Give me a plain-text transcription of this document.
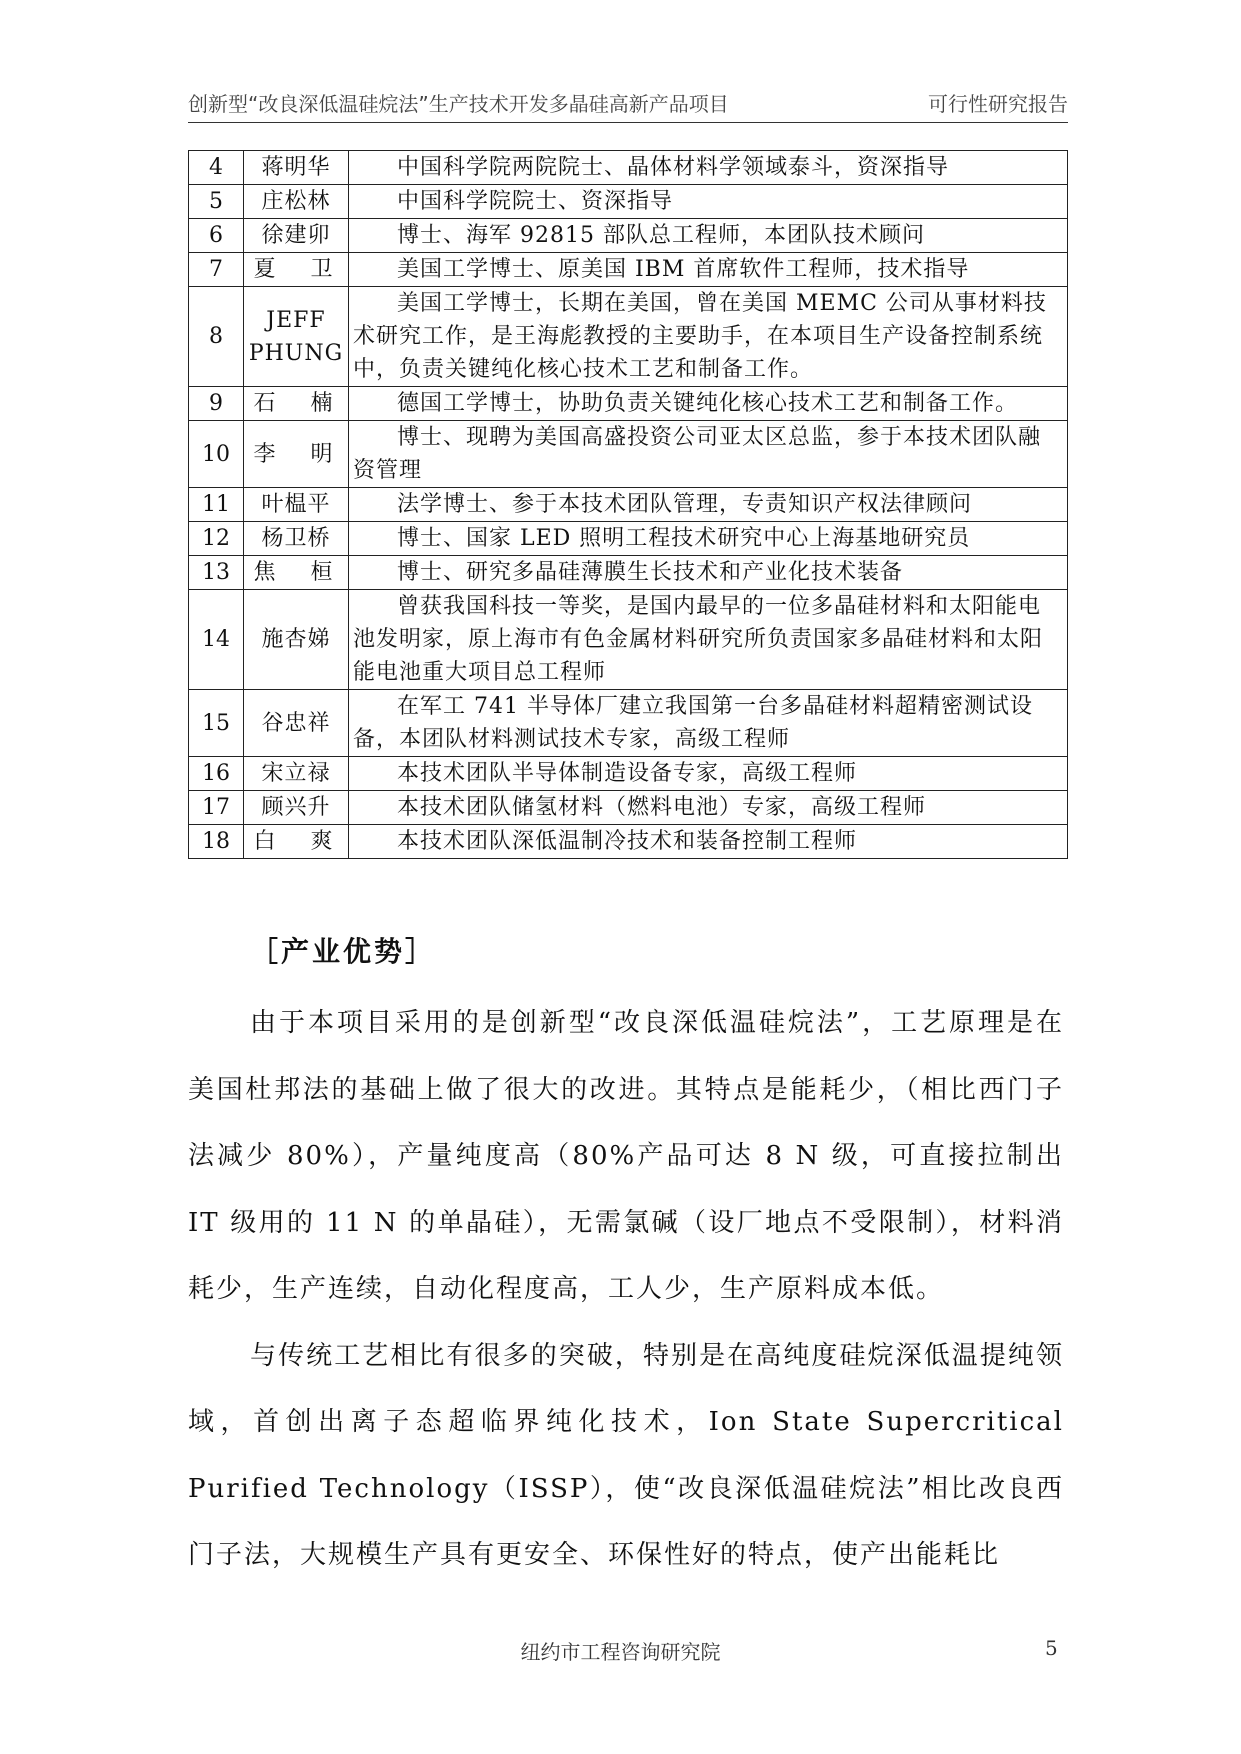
创新型“改良深低温硅烷法”生产技术开发多晶硅高新产品项目	可行性研究报告
4	蒋明华	中国科学院两院院士、晶体材料学领域泰斗，资深指导
5	庄松林	中国科学院院士、资深指导
6	徐建卯	博士、海军 92815 部队总工程师，本团队技术顾问
7	夏 卫	美国工学博士、原美国 IBM 首席软件工程师，技术指导
8	JEFF PHUNG	美国工学博士，长期在美国，曾在美国 MEMC 公司从事材料技术研究工作，是王海彪教授的主要助手，在本项目生产设备控制系统中，负责关键纯化核心技术工艺和制备工作。
9	石 楠	德国工学博士，协助负责关键纯化核心技术工艺和制备工作。
10	李 明	博士、现聘为美国高盛投资公司亚太区总监，参于本技术团队融资管理
11	叶榅平	法学博士、参于本技术团队管理，专责知识产权法律顾问
12	杨卫桥	博士、国家 LED 照明工程技术研究中心上海基地研究员
13	焦 桓	博士、研究多晶硅薄膜生长技术和产业化技术装备
14	施杏娣	曾获我国科技一等奖，是国内最早的一位多晶硅材料和太阳能电池发明家，原上海市有色金属材料研究所负责国家多晶硅材料和太阳能电池重大项目总工程师
15	谷忠祥	在军工 741 半导体厂建立我国第一台多晶硅材料超精密测试设备，本团队材料测试技术专家，高级工程师
16	宋立禄	本技术团队半导体制造设备专家，高级工程师
17	顾兴升	本技术团队储氢材料（燃料电池）专家，高级工程师
18	白 爽	本技术团队深低温制冷技术和装备控制工程师
［产业优势］

由于本项目采用的是创新型“改良深低温硅烷法”，工艺原理是在美国杜邦法的基础上做了很大的改进。其特点是能耗少，（相比西门子法减少 80%），产量纯度高（80%产品可达 8 N 级，可直接拉制出 IT 级用的 11 N 的单晶硅），无需氯碱（设厂地点不受限制），材料消耗少，生产连续，自动化程度高，工人少，生产原料成本低。

与传统工艺相比有很多的突破，特别是在高纯度硅烷深低温提纯领域，首创出离子态超临界纯化技术，Ion State Supercritical Purified Technology（ISSP），使“改良深低温硅烷法”相比改良西门子法，大规模生产具有更安全、环保性好的特点，使产出能耗比

纽约市工程咨询研究院	5
